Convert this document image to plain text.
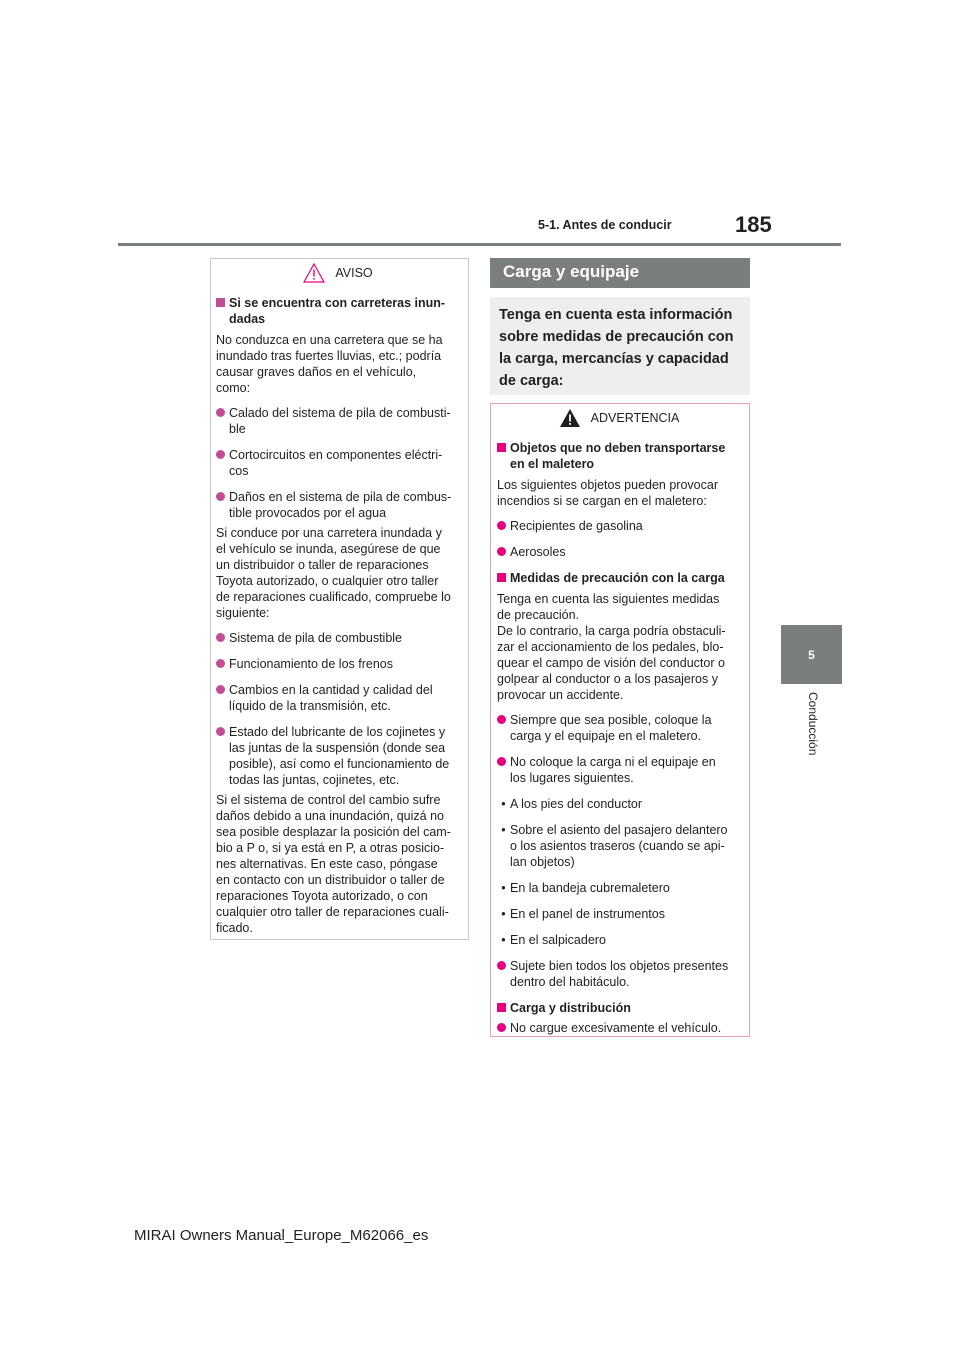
5-1. Antes de conducir	185
5
Conducción
AVISO
Si se encuentra con carreteras inun-
dadas
No conduzca en una carretera que se ha
inundado tras fuertes lluvias, etc.; podría
causar graves daños en el vehículo,
como:
Calado del sistema de pila de combusti-
ble
Cortocircuitos en componentes eléctri-
cos
Daños en el sistema de pila de combus-
tible provocados por el agua
Si conduce por una carretera inundada y
el vehículo se inunda, asegúrese de que
un distribuidor o taller de reparaciones
Toyota autorizado, o cualquier otro taller
de reparaciones cualificado, compruebe lo
siguiente:
Sistema de pila de combustible
Funcionamiento de los frenos
Cambios en la cantidad y calidad del
líquido de la transmisión, etc.
Estado del lubricante de los cojinetes y
las juntas de la suspensión (donde sea
posible), así como el funcionamiento de
todas las juntas, cojinetes, etc.
Si el sistema de control del cambio sufre
daños debido a una inundación, quizá no
sea posible desplazar la posición del cam-
bio a P o, si ya está en P, a otras posicio-
nes alternativas. En este caso, póngase
en contacto con un distribuidor o taller de
reparaciones Toyota autorizado, o con
cualquier otro taller de reparaciones cuali-
ficado.
Carga y equipaje
Tenga en cuenta esta información
sobre medidas de precaución con
la carga, mercancías y capacidad
de carga:
ADVERTENCIA
Objetos que no deben transportarse
en el maletero
Los siguientes objetos pueden provocar
incendios si se cargan en el maletero:
Recipientes de gasolina
Aerosoles
Medidas de precaución con la carga
Tenga en cuenta las siguientes medidas
de precaución.
De lo contrario, la carga podría obstaculi-
zar el accionamiento de los pedales, blo-
quear el campo de visión del conductor o
golpear al conductor o a los pasajeros y
provocar un accidente.
Siempre que sea posible, coloque la
carga y el equipaje en el maletero.
No coloque la carga ni el equipaje en
los lugares siguientes.
• A los pies del conductor
• Sobre el asiento del pasajero delantero
o los asientos traseros (cuando se api-
lan objetos)
• En la bandeja cubremaletero
• En el panel de instrumentos
• En el salpicadero
Sujete bien todos los objetos presentes
dentro del habitáculo.
Carga y distribución
No cargue excesivamente el vehículo.
MIRAI Owners Manual_Europe_M62066_es
